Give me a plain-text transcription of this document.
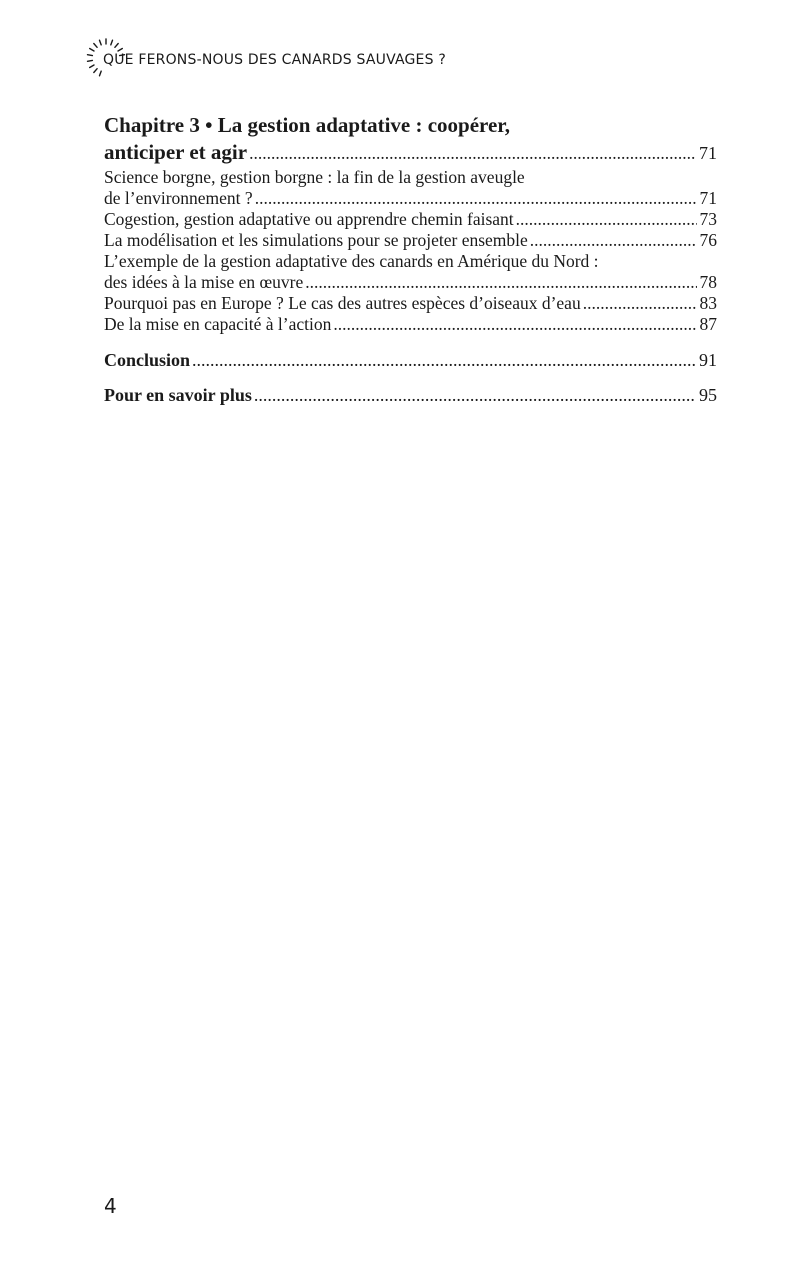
QUE FERONS-NOUS DES CANARDS SAUVAGES ?
Chapitre 3 • La gestion adaptative : coopérer,
anticiper et agir .....	71
Science borgne, gestion borgne : la fin de la gestion aveugle
de l’environnement ? .....	71
Cogestion, gestion adaptative ou apprendre chemin faisant .....	73
La modélisation et les simulations pour se projeter ensemble .....	76
L’exemple de la gestion adaptative des canards en Amérique du Nord :
des idées à la mise en œuvre .....	78
Pourquoi pas en Europe ? Le cas des autres espèces d’oiseaux d’eau .....	83
De la mise en capacité à l’action .....	87
Conclusion .....	91
Pour en savoir plus .....	95
4
